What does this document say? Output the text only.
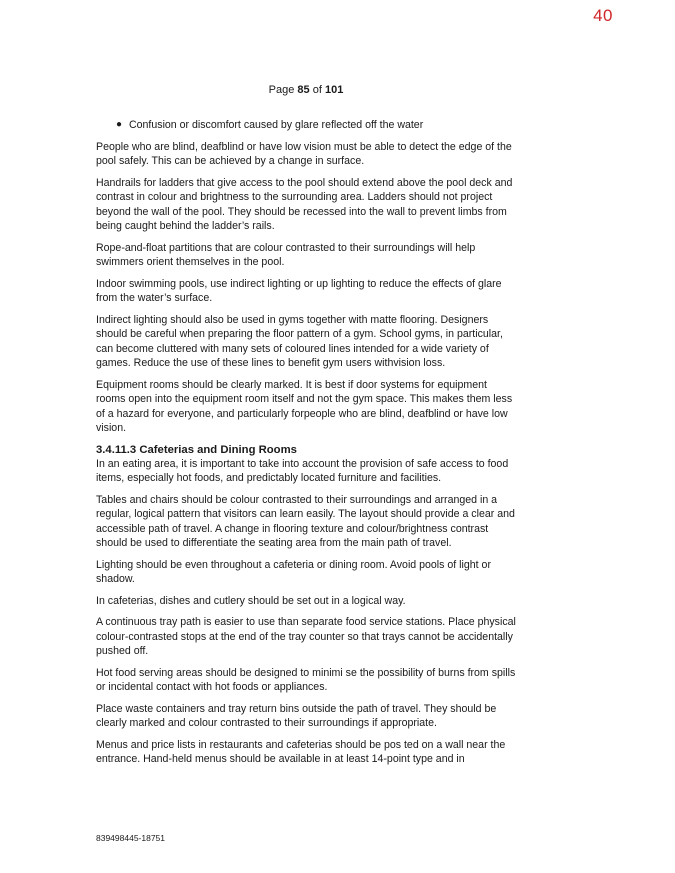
40
Page 85 of 101
● Confusion or discomfort caused by glare reflected off the water

People who are blind, deafblind or have low vision must be able to detect the edge of the pool safely. This can be achieved by a change in surface.

Handrails for ladders that give access to the pool should extend above the pool deck and contrast in colour and brightness to the surrounding area. Ladders should not project beyond the wall of the pool. They should be recessed into the wall to prevent limbs from being caught behind the ladder’s rails.

Rope-and-float partitions that are colour contrasted to their surroundings will help swimmers orient themselves in the pool.

Indoor swimming pools, use indirect lighting or up lighting to reduce the effects of glare from the water’s surface.

Indirect lighting should also be used in gyms together with matte flooring. Designers should be careful when preparing the floor pattern of a gym. School gyms, in particular, can become cluttered with many sets of coloured lines intended for a wide variety of games. Reduce the use of these lines to benefit gym users withvision loss.

Equipment rooms should be clearly marked. It is best if door systems for equipment rooms open into the equipment room itself and not the gym space. This makes them less of a hazard for everyone, and particularly forpeople who are blind, deafblind or have low vision.

3.4.11.3 Cafeterias and Dining Rooms

In an eating area, it is important to take into account the provision of safe access to food items, especially hot foods, and predictably located furniture and facilities.

Tables and chairs should be colour contrasted to their surroundings and arranged in a regular, logical pattern that visitors can learn easily. The layout should provide a clear and accessible path of travel. A change in flooring texture and colour/brightness contrast should be used to differentiate the seating area from the main path of travel.

Lighting should be even throughout a cafeteria or dining room. Avoid pools of light or shadow.

In cafeterias, dishes and cutlery should be set out in a logical way.

A continuous tray path is easier to use than separate food service stations. Place physical colour-contrasted stops at the end of the tray counter so that trays cannot be accidentally pushed off.

Hot food serving areas should be designed to minimi se the possibility of burns from spills or incidental contact with hot foods or appliances.

Place waste containers and tray return bins outside the path of travel. They should be clearly marked and colour contrasted to their surroundings if appropriate.

Menus and price lists in restaurants and cafeterias should be pos ted on a wall near the entrance. Hand-held menus should be available in at least 14-point type and in

839498445-18751
